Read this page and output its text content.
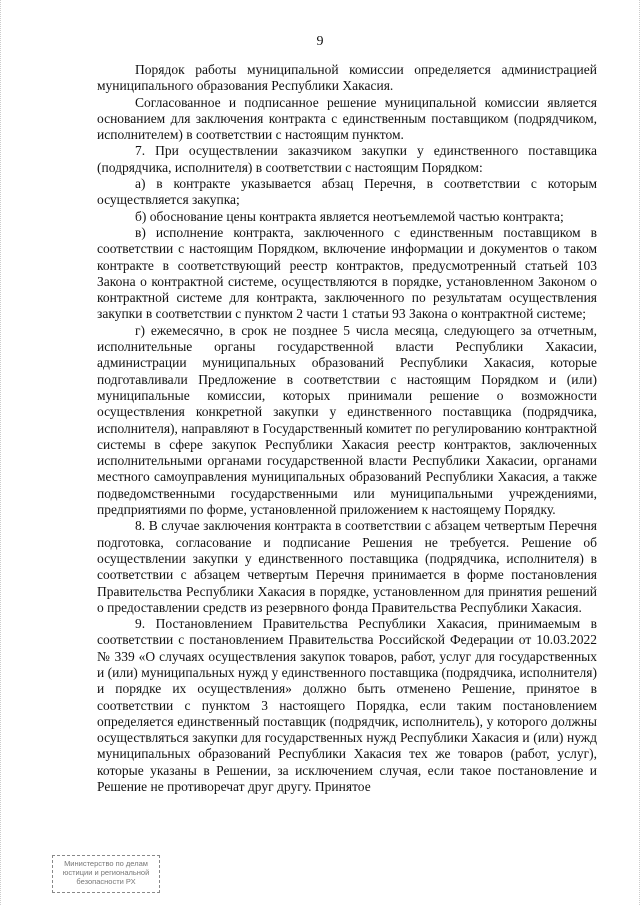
9

Порядок работы муниципальной комиссии определяется администрацией муниципального образования Республики Хакасия.

Согласованное и подписанное решение муниципальной комиссии является основанием для заключения контракта с единственным поставщиком (подрядчиком, исполнителем) в соответствии с настоящим пунктом.

7. При осуществлении заказчиком закупки у единственного поставщика (подрядчика, исполнителя) в соответствии с настоящим Порядком:

а) в контракте указывается абзац Перечня, в соответствии с которым осуществляется закупка;

б) обоснование цены контракта является неотъемлемой частью контракта;

в) исполнение контракта, заключенного с единственным поставщиком в соответствии с настоящим Порядком, включение информации и документов о таком контракте в соответствующий реестр контрактов, предусмотренный статьей 103 Закона о контрактной системе, осуществляются в порядке, установленном Законом о контрактной системе для контракта, заключенного по результатам осуществления закупки в соответствии с пунктом 2 части 1 статьи 93 Закона о контрактной системе;

г) ежемесячно, в срок не позднее 5 числа месяца, следующего за отчетным, исполнительные органы государственной власти Республики Хакасии, администрации муниципальных образований Республики Хакасия, которые подготавливали Предложение в соответствии с настоящим Порядком и (или) муниципальные комиссии, которых принимали решение о возможности осуществления конкретной закупки у единственного поставщика (подрядчика, исполнителя), направляют в Государственный комитет по регулированию контрактной системы в сфере закупок Республики Хакасия реестр контрактов, заключенных исполнительными органами государственной власти Республики Хакасии, органами местного самоуправления муниципальных образований Республики Хакасия, а также подведомственными государственными или муниципальными учреждениями, предприятиями по форме, установленной приложением к настоящему Порядку.

8. В случае заключения контракта в соответствии с абзацем четвертым Перечня подготовка, согласование и подписание Решения не требуется. Решение об осуществлении закупки у единственного поставщика (подрядчика, исполнителя) в соответствии с абзацем четвертым Перечня принимается в форме постановления Правительства Республики Хакасия в порядке, установленном для принятия решений о предоставлении средств из резервного фонда Правительства Республики Хакасия.

9. Постановлением Правительства Республики Хакасия, принимаемым в соответствии с постановлением Правительства Российской Федерации от 10.03.2022 № 339 «О случаях осуществления закупок товаров, работ, услуг для государственных и (или) муниципальных нужд у единственного поставщика (подрядчика, исполнителя) и порядке их осуществления» должно быть отменено Решение, принятое в соответствии с пунктом 3 настоящего Порядка, если таким постановлением определяется единственный поставщик (подрядчик, исполнитель), у которого должны осуществляться закупки для государственных нужд Республики Хакасия и (или) нужд муниципальных образований Республики Хакасия тех же товаров (работ, услуг), которые указаны в Решении, за исключением случая, если такое постановление и Решение не противоречат друг другу. Принятое

Министерство по делам
юстиции и региональной
безопасности РХ
